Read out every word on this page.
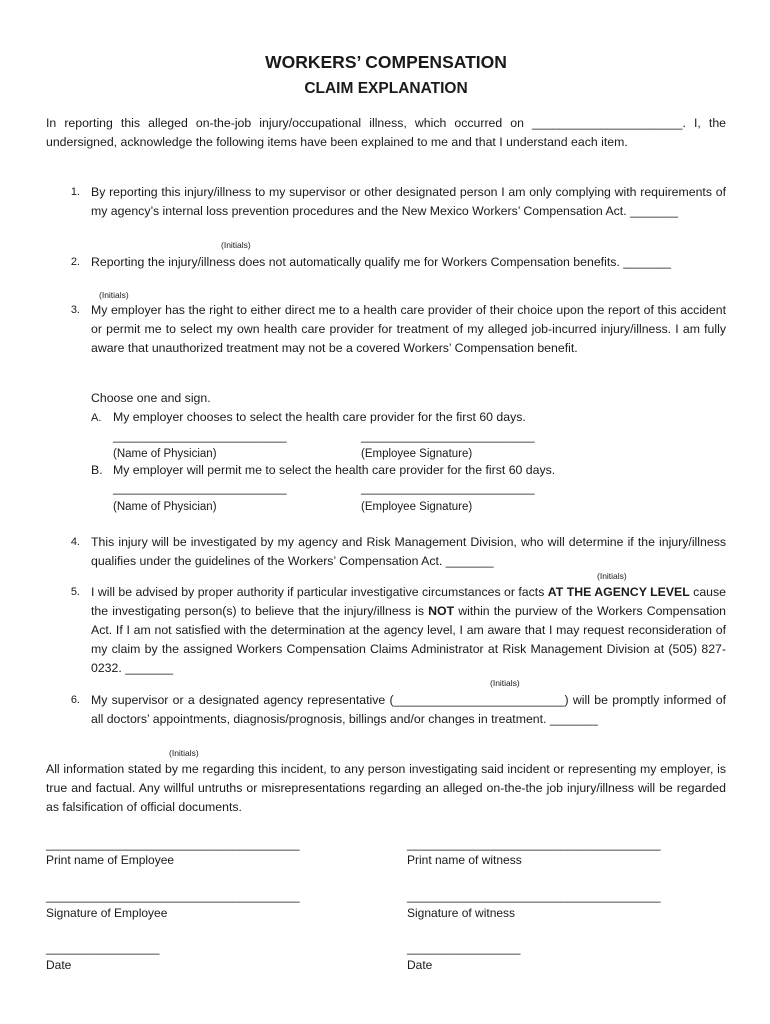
WORKERS’ COMPENSATION
CLAIM EXPLANATION
In reporting this alleged on-the-job injury/occupational illness, which occurred on ______________________. I, the undersigned, acknowledge the following items have been explained to me and that I understand each item.
1. By reporting this injury/illness to my supervisor or other designated person I am only complying with requirements of my agency’s internal loss prevention procedures and the New Mexico Workers’ Compensation Act. _______
(Initials)
2. Reporting the injury/illness does not automatically qualify me for Workers Compensation benefits. _______
(Initials)
3. My employer has the right to either direct me to a health care provider of their choice upon the report of this accident or permit me to select my own health care provider for treatment of my alleged job-incurred injury/illness. I am fully aware that unauthorized treatment may not be a covered Workers’ Compensation benefit.
Choose one and sign.
A. My employer chooses to select the health care provider for the first 60 days.
__________________________	__________________________
(Name of Physician)	(Employee Signature)
B. My employer will permit me to select the health care provider for the first 60 days.
__________________________	__________________________
(Name of Physician)	(Employee Signature)
4. This injury will be investigated by my agency and Risk Management Division, who will determine if the injury/illness qualifies under the guidelines of the Workers’ Compensation Act. _______
(Initials)
5. I will be advised by proper authority if particular investigative circumstances or facts AT THE AGENCY LEVEL cause the investigating person(s) to believe that the injury/illness is NOT within the purview of the Workers Compensation Act. If I am not satisfied with the determination at the agency level, I am aware that I may request reconsideration of my claim by the assigned Workers Compensation Claims Administrator at Risk Management Division at (505) 827-0232. _______
(Initials)
6. My supervisor or a designated agency representative (_________________________) will be promptly informed of all doctors’ appointments, diagnosis/prognosis, billings and/or changes in treatment. _______
(Initials)
All information stated by me regarding this incident, to any person investigating said incident or representing my employer, is true and factual. Any willful untruths or misrepresentations regarding an alleged on-the-the job injury/illness will be regarded as falsification of official documents.
______________________________________
Print name of Employee
______________________________________
Print name of witness
______________________________________
Signature of Employee
______________________________________
Signature of witness
_________________
Date
_________________
Date
